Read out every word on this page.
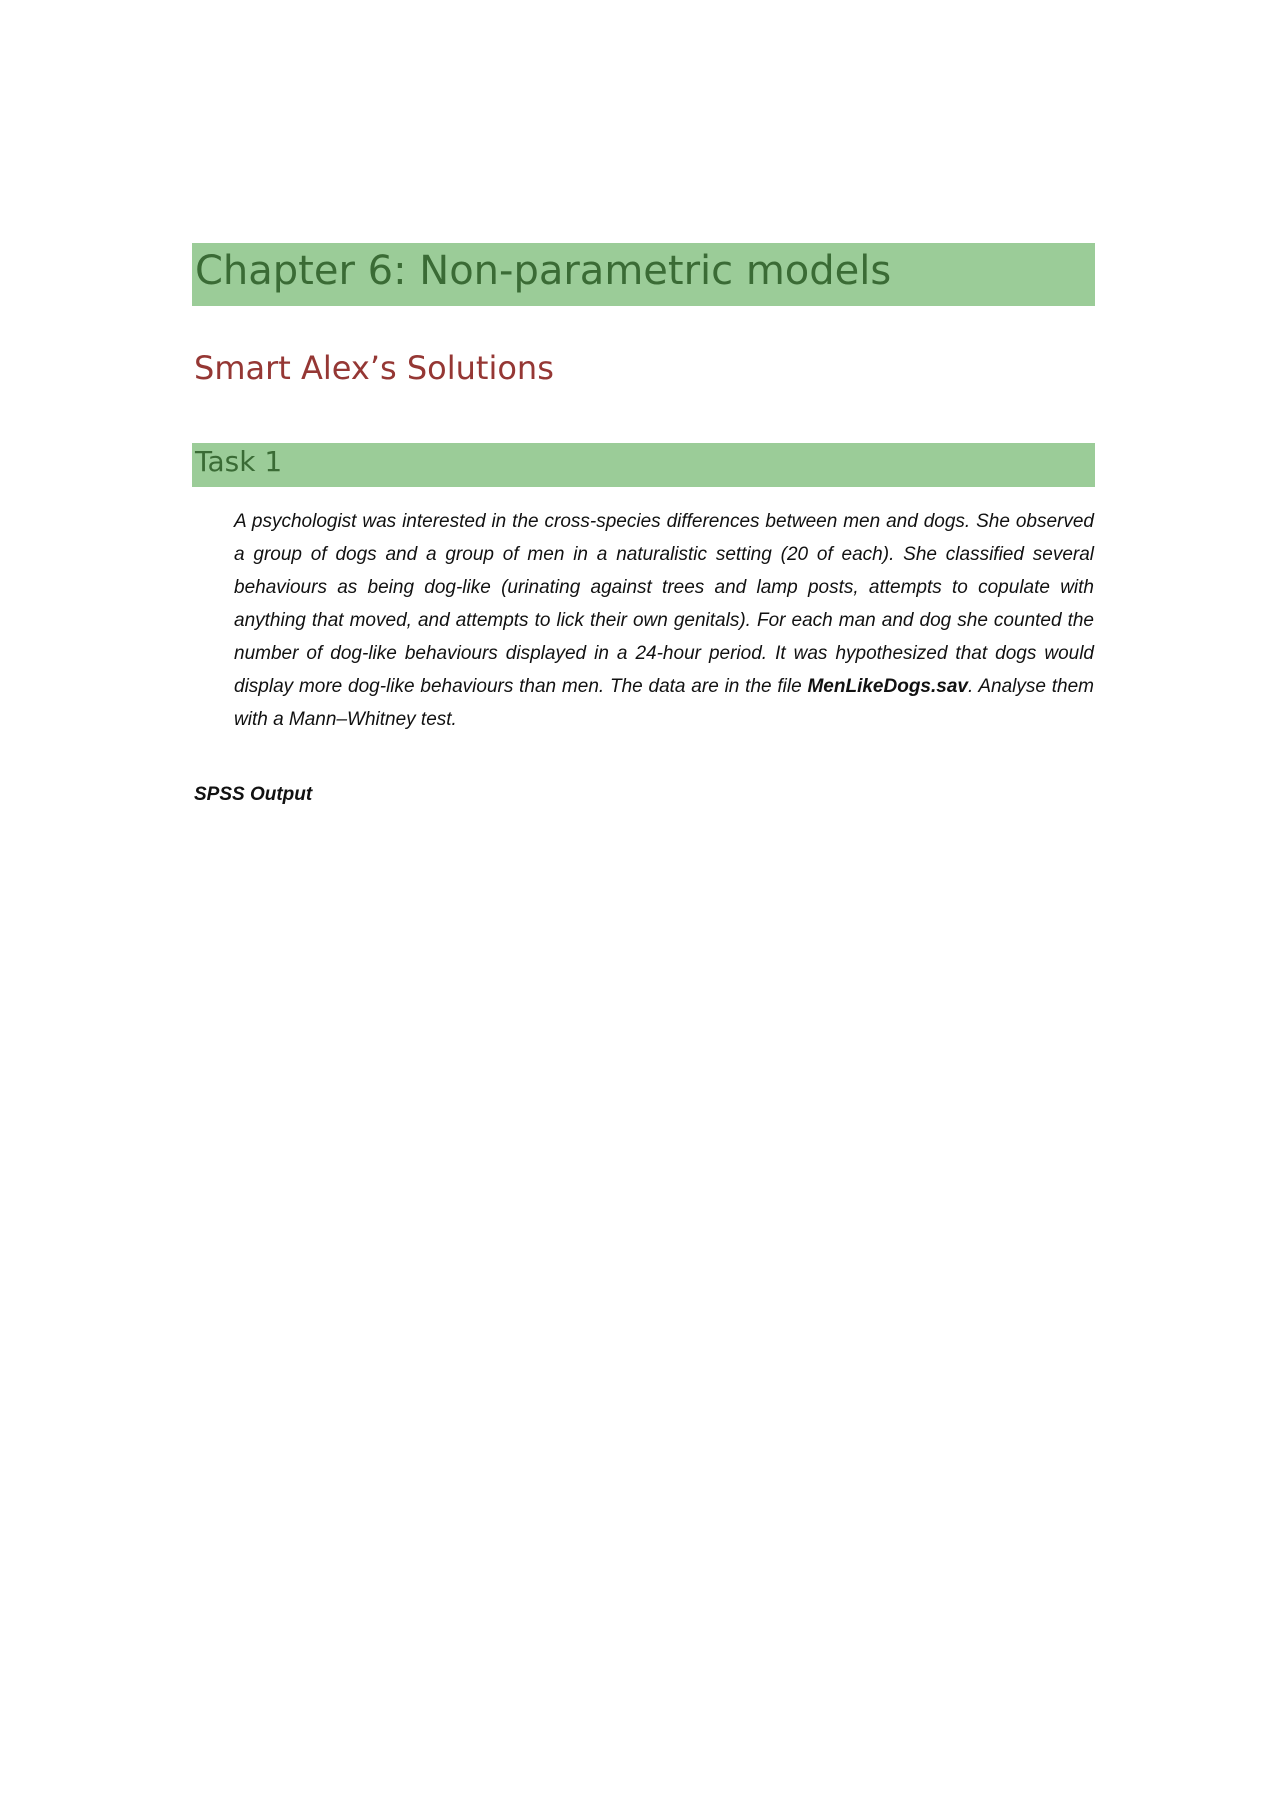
Chapter 6: Non-parametric models
Smart Alex’s Solutions
Task 1

A psychologist was interested in the cross-species differences between men and dogs. She observed a group of dogs and a group of men in a naturalistic setting (20 of each). She classified several behaviours as being dog-like (urinating against trees and lamp posts, attempts to copulate with anything that moved, and attempts to lick their own genitals). For each man and dog she counted the number of dog-like behaviours displayed in a 24-hour period. It was hypothesized that dogs would display more dog-like behaviours than men. The data are in the file MenLikeDogs.sav. Analyse them with a Mann–Whitney test.

SPSS Output
